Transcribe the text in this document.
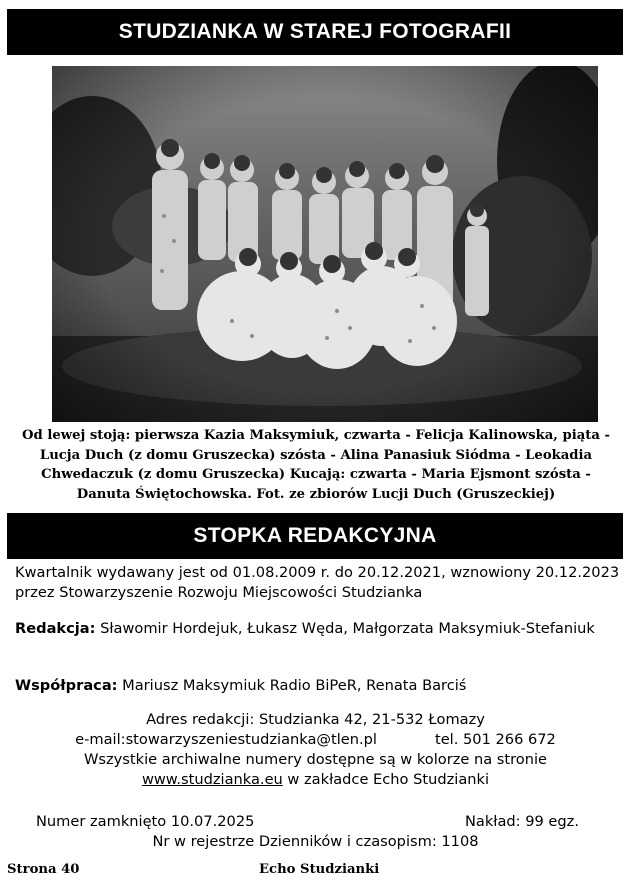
STUDZIANKA W STAREJ FOTOGRAFII
Od lewej stoją: pierwsza Kazia Maksymiuk, czwarta - Felicja Kalinowska, piąta - Lucja Duch (z domu Gruszecka) szósta - Alina Panasiuk Siódma - Leokadia Chwedaczuk (z domu Gruszecka) Kucają: czwarta - Maria Ejsmont szósta - Danuta Świętochowska. Fot. ze zbiorów Lucji Duch (Gruszeckiej)
STOPKA REDAKCYJNA
Kwartalnik wydawany jest od 01.08.2009 r. do 20.12.2021, wznowiony 20.12.2023 przez Stowarzyszenie Rozwoju Miejscowości Studzianka
Redakcja: Sławomir Hordejuk, Łukasz Węda, Małgorzata Maksymiuk-Stefaniuk
Współpraca: Mariusz Maksymiuk Radio BiPeR, Renata Barciś
Adres redakcji: Studzianka 42, 21-532 Łomazy
e-mail:stowarzyszeniestudzianka@tlen.pl	tel. 501 266 672
Wszystkie archiwalne numery dostępne są w kolorze na stronie
www.studzianka.eu w zakładce Echo Studzianki
Numer zamknięto 10.07.2025	Nakład: 99 egz.
Nr w rejestrze Dzienników i czasopism: 1108
Strona 40	Echo Studzianki
